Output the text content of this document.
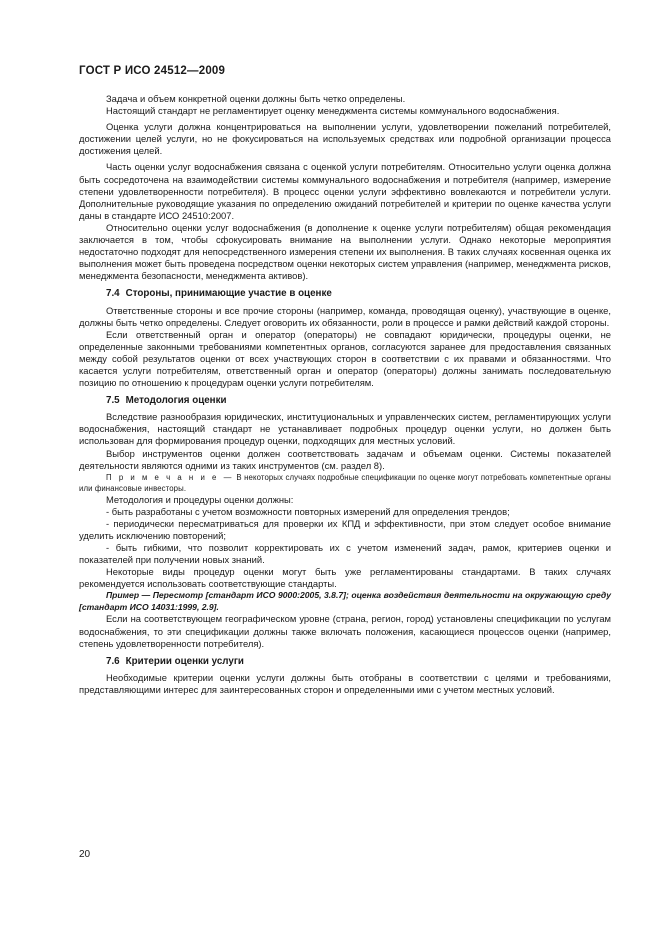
ГОСТ Р ИСО 24512—2009

Задача и объем конкретной оценки должны быть четко определены.

Настоящий стандарт не регламентирует оценку менеджмента системы коммунального водоснабжения.

Оценка услуги должна концентрироваться на выполнении услуги, удовлетворении пожеланий потребителей, достижении целей услуги, но не фокусироваться на используемых средствах или подробной организации процесса достижения целей.

Часть оценки услуг водоснабжения связана с оценкой услуги потребителям. Относительно услуги оценка должна быть сосредоточена на взаимодействии системы коммунального водоснабжения и потребителя (например, измерение степени удовлетворенности потребителя). В процесс оценки услуги эффективно вовлекаются и потребители услуги. Дополнительные руководящие указания по определению ожиданий потребителей и критерии по оценке качества услуги даны в стандарте ИСО 24510:2007.

Относительно оценки услуг водоснабжения (в дополнение к оценке услуги потребителям) общая рекомендация заключается в том, чтобы сфокусировать внимание на выполнении услуги. Однако некоторые мероприятия недостаточно подходят для непосредственного измерения степени их выполнения. В таких случаях косвенная оценка их выполнения может быть проведена посредством оценки некоторых систем управления (например, менеджмента рисков, менеджмента безопасности, менеджмента активов).

7.4 Стороны, принимающие участие в оценке

Ответственные стороны и все прочие стороны (например, команда, проводящая оценку), участвующие в оценке, должны быть четко определены. Следует оговорить их обязанности, роли в процессе и рамки действий каждой стороны.

Если ответственный орган и оператор (операторы) не совпадают юридически, процедуры оценки, не определенные законными требованиями компетентных органов, согласуются заранее для предоставления связанных между собой результатов оценки от всех участвующих сторон в соответствии с их правами и обязанностями. Что касается услуги потребителям, ответственный орган и оператор (операторы) должны занимать последовательную позицию по отношению к процедурам оценки услуги потребителям.

7.5 Методология оценки

Вследствие разнообразия юридических, институциональных и управленческих систем, регламентирующих услуги водоснабжения, настоящий стандарт не устанавливает подробных процедур оценки услуги, но должен быть использован для формирования процедур оценки, подходящих для местных условий.

Выбор инструментов оценки должен соответствовать задачам и объемам оценки. Системы показателей деятельности являются одними из таких инструментов (см. раздел 8).

П р и м е ч а н и е — В некоторых случаях подробные спецификации по оценке могут потребовать компетентные органы или финансовые инвесторы.

Методология и процедуры оценки должны:

- быть разработаны с учетом возможности повторных измерений для определения трендов;

- периодически пересматриваться для проверки их КПД и эффективности, при этом следует особое внимание уделить исключению повторений;

- быть гибкими, что позволит корректировать их с учетом изменений задач, рамок, критериев оценки и показателей при получении новых знаний.

Некоторые виды процедур оценки могут быть уже регламентированы стандартами. В таких случаях рекомендуется использовать соответствующие стандарты.

Пример — Пересмотр [стандарт ИСО 9000:2005, 3.8.7]; оценка воздействия деятельности на окружающую среду [стандарт ИСО 14031:1999, 2.9].

Если на соответствующем географическом уровне (страна, регион, город) установлены спецификации по услугам водоснабжения, то эти спецификации должны также включать положения, касающиеся процессов оценки (например, степень удовлетворенности потребителя).

7.6 Критерии оценки услуги

Необходимые критерии оценки услуги должны быть отобраны в соответствии с целями и требованиями, представляющими интерес для заинтересованных сторон и определенными ими с учетом местных условий.

20
